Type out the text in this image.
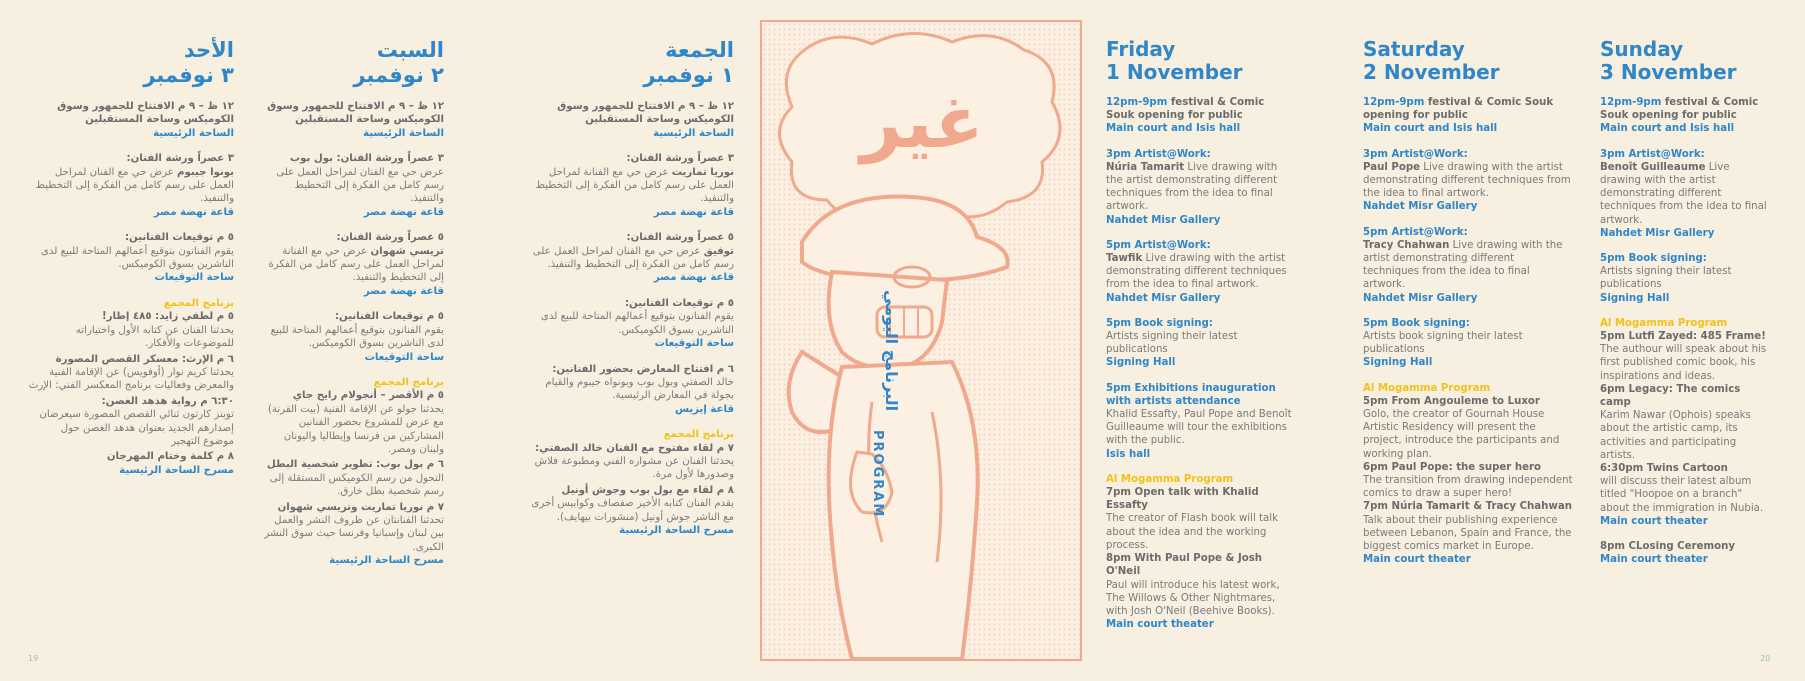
الأحد
٣ نوفمبر
١٢ ظ – ٩ م الافتتاح للجمهور وسوق الكوميكس وساحة المستقبلين
الساحة الرئيسية
٣ عصراً ورشة الفنان:
بونوا جيبوم عرض حي مع الفنان لمراحل العمل على رسم كامل من الفكرة إلى التخطيط والتنفيذ.
قاعة نهضة مصر
٥ م توقيعات الفنانين:
يقوم الفنانون بتوقيع أعمالهم المتاحة للبيع لدى الناشرين بسوق الكوميكس.
ساحة التوقيعات
برنامج المجمع
٥ م لطفي زايد: ٤٨٥ إطار!
يحدثنا الفنان عن كتابه الأول واختياراته للموضوعات والأفكار.
٦ م الإرث: معسكر القصص المصورة
يحدثنا كريم نوار (أوفويس) عن الإقامة الفنية والمعرض وفعاليات برنامج المعكسر الفني: الإرث
٦:٣٠ م رواية هدهد الغصن:
توينز كارتون ثنائي القصص المصورة سيعرضان إصدارهم الجديد بعنوان هدهد الغصن حول موضوع التهجير
٨ م كلمة وختام المهرجان
مسرح الساحة الرئيسية
السبت
٢ نوفمبر
١٢ ظ – ٩ م الافتتاح للجمهور وسوق الكوميكس وساحة المستقبلين
الساحة الرئيسية
٣ عصراً ورشة الفنان: بول بوب
عرض حي مع الفنان لمراحل العمل على رسم كامل من الفكرة إلى التخطيط والتنفيذ.
قاعة نهضة مصر
٥ عصراً ورشة الفنان:
تريسي شهوان عرض حي مع الفنانة لمراحل العمل على رسم كامل من الفكرة إلى التخطيط والتنفيذ.
قاعة نهضة مصر
٥ م توقيعات الفنانين:
يقوم الفنانون بتوقيع أعمالهم المتاحة للبيع لدى الناشرين بسوق الكوميكس.
ساحة التوقيعات
برنامج المجمع
٥ م الأقصر – أنجولام رايح جاي
يحدثنا جولو عن الإقامة الفنية (بيت القرنة) مع عرض للمشروع بحضور الفنانين المشاركين من فرنسا وإيطاليا واليونان ولبنان ومصر.
٦ م بول بوب: تطوير شخصية البطل
التحول من رسم الكوميكس المستقلة إلى رسم شخصية بطل خارق.
٧ م نوريا تماريت وتريسي شهوان
تحدثنا الفنانتان عن ظروف النشر والعمل بين لبنان وإسبانيا وفرنسا حيث سوق النشر الكبرى.
مسرح الساحة الرئيسية
الجمعة
١ نوفمبر
١٢ ظ – ٩ م الافتتاح للجمهور وسوق الكوميكس وساحة المستقبلين
الساحة الرئيسية
٣ عصراً ورشة الفنان:
نوريا تماريت عرض حي مع الفنانة لمراحل العمل على رسم كامل من الفكرة إلى التخطيط والتنفيذ.
قاعة نهضة مصر
٥ عصراً ورشة الفنان:
توفيق عرض حي مع الفنان لمراحل العمل على رسم كامل من الفكرة إلى التخطيط والتنفيذ.
قاعة نهضة مصر
٥ م توقيعات الفنانين:
يقوم الفنانون بتوقيع أعمالهم المتاحة للبيع لدى الناشرين بسوق الكوميكس.
ساحة التوقيعات
٦ م افتتاح المعارض بحضور الفنانين:
خالد الصفتي وبول بوب وبونواه جيبوم والقيام بجولة في المعارض الرئيسية.
قاعة إيزيس
برنامج المجمع
٧ م لقاء مفتوح مع الفنان خالد الصفتي:
يحدثنا الفنان عن مشواره الفني ومطبوعة فلاش وصدورها لأول مرة.
٨ م لقاء مع بول بوب وجوش أونيل
يقدم الفنان كتابه الأخير صفصاف وكوابيس أخرى مع الناشر جوش أونيل (منشورات بيهايف).
مسرح الساحة الرئيسية
غير
البرنامج اليومي
PROGRAM
Friday
1 November
12pm-9pm festival & Comic Souk opening for public
Main court and Isis hall
3pm Artist@Work:
Núria Tamarit Live drawing with the artist demonstrating different techniques from the idea to final artwork.
Nahdet Misr Gallery
5pm Artist@Work:
Tawfik Live drawing with the artist demonstrating different techniques from the idea to final artwork.
Nahdet Misr Gallery
5pm Book signing:
Artists signing their latest publications
Signing Hall
5pm Exhibitions inauguration with artists attendance
Khalid Essafty, Paul Pope and Benoît Guilleaume will tour the exhibitions with the public.
Isis hall
Al Mogamma Program
7pm Open talk with Khalid Essafty
The creator of Flash book will talk about the idea and the working process.
8pm With Paul Pope & Josh O'Neil
Paul will introduce his latest work, The Willows & Other Nightmares, with Josh O'Neil (Beehive Books).
Main court theater
Saturday
2 November
12pm-9pm festival & Comic Souk opening for public
Main court and Isis hall
3pm Artist@Work:
Paul Pope Live drawing with the artist demonstrating different techniques from the idea to final artwork.
Nahdet Misr Gallery
5pm Artist@Work:
Tracy Chahwan Live drawing with the artist demonstrating different techniques from the idea to final artwork.
Nahdet Misr Gallery
5pm Book signing:
Artists book signing their latest publications
Signing Hall
Al Mogamma Program
5pm From Angouleme to Luxor
Golo, the creator of Gournah House Artistic Residency will present the project, introduce the participants and working plan.
6pm Paul Pope: the super hero
The transition from drawing independent comics to draw a super hero!
7pm Núria Tamarit & Tracy Chahwan
Talk about their publishing experience between Lebanon, Spain and France, the biggest comics market in Europe.
Main court theater
Sunday
3 November
12pm-9pm festival & Comic Souk opening for public
Main court and Isis hall
3pm Artist@Work:
Benoît Guilleaume Live drawing with the artist demonstrating different techniques from the idea to final artwork.
Nahdet Misr Gallery
5pm Book signing:
Artists signing their latest publications
Signing Hall
Al Mogamma Program
5pm Lutfi Zayed: 485 Frame!
The authour will speak about his first published comic book, his inspirations and ideas.
6pm Legacy: The comics camp
Karim Nawar (Ophois) speaks about the artistic camp, its activities and participating artists.
6:30pm Twins Cartoon
will discuss their latest album titled "Hoopoe on a branch" about the immigration in Nubia.
Main court theater
8pm CLosing Ceremony
Main court theater
19	20
